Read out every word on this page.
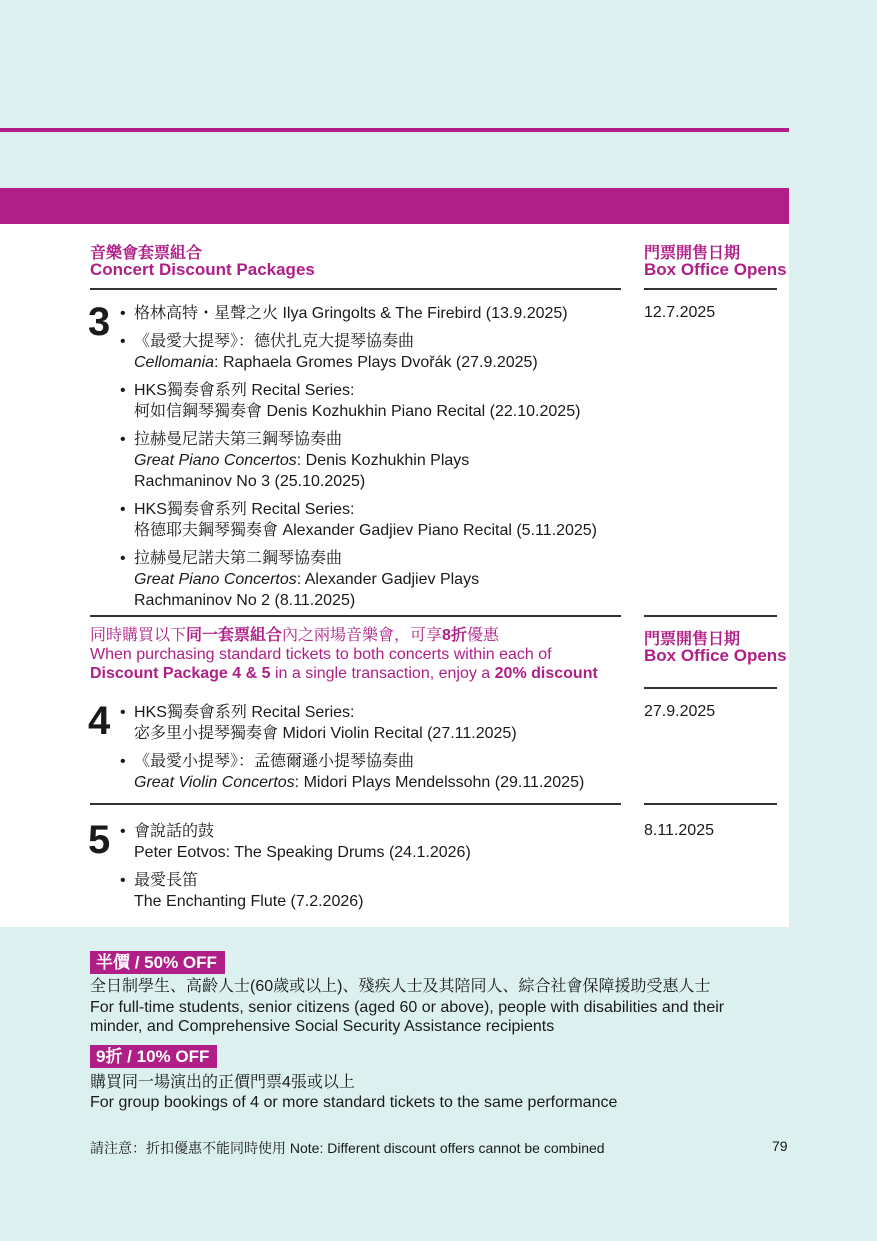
音樂會套票組合
Concert Discount Packages
門票開售日期
Box Office Opens
3	12.7.2025
• 格林高特・星聲之火 Ilya Gringolts & The Firebird (13.9.2025)
• 《最愛大提琴》：德伏扎克大提琴協奏曲
Cellomania: Raphaela Gromes Plays Dvořák (27.9.2025)
• HKS獨奏會系列 Recital Series:
柯如信鋼琴獨奏會 Denis Kozhukhin Piano Recital (22.10.2025)
• 拉赫曼尼諾夫第三鋼琴協奏曲
Great Piano Concertos: Denis Kozhukhin Plays
Rachmaninov No 3 (25.10.2025)
• HKS獨奏會系列 Recital Series:
格德耶夫鋼琴獨奏會 Alexander Gadjiev Piano Recital (5.11.2025)
• 拉赫曼尼諾夫第二鋼琴協奏曲
Great Piano Concertos: Alexander Gadjiev Plays
Rachmaninov No 2 (8.11.2025)
同時購買以下同一套票組合內之兩場音樂會，可享8折優惠
When purchasing standard tickets to both concerts within each of
Discount Package 4 & 5 in a single transaction, enjoy a 20% discount
門票開售日期
Box Office Opens
4	27.9.2025
• HKS獨奏會系列 Recital Series:
宓多里小提琴獨奏會 Midori Violin Recital (27.11.2025)
• 《最愛小提琴》：孟德爾遜小提琴協奏曲
Great Violin Concertos: Midori Plays Mendelssohn (29.11.2025)
5	8.11.2025
• 會說話的鼓
Peter Eotvos: The Speaking Drums (24.1.2026)
• 最愛長笛
The Enchanting Flute (7.2.2026)
半價 / 50% OFF
全日制學生、高齡人士(60歲或以上)、殘疾人士及其陪同人、綜合社會保障援助受惠人士
For full-time students, senior citizens (aged 60 or above), people with disabilities and their
minder, and Comprehensive Social Security Assistance recipients
9折 / 10% OFF
購買同一場演出的正價門票4張或以上
For group bookings of 4 or more standard tickets to the same performance
請注意：折扣優惠不能同時使用 Note: Different discount offers cannot be combined	79
